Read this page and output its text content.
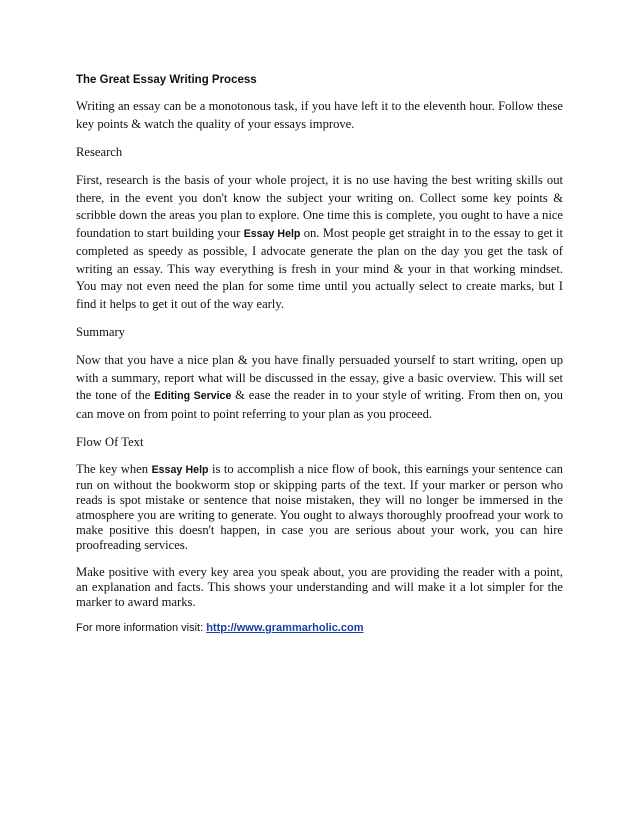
The Great Essay Writing Process

Writing an essay can be a monotonous task, if you have left it to the eleventh hour. Follow these key points & watch the quality of your essays improve.

Research

First, research is the basis of your whole project, it is no use having the best writing skills out there, in the event you don't know the subject your writing on. Collect some key points & scribble down the areas you plan to explore. One time this is complete, you ought to have a nice foundation to start building your Essay Help on. Most people get straight in to the essay to get it completed as speedy as possible, I advocate generate the plan on the day you get the task of writing an essay. This way everything is fresh in your mind & your in that working mindset. You may not even need the plan for some time until you actually select to create marks, but I find it helps to get it out of the way early.

Summary

Now that you have a nice plan & you have finally persuaded yourself to start writing, open up with a summary, report what will be discussed in the essay, give a basic overview. This will set the tone of the Editing Service & ease the reader in to your style of writing. From then on, you can move on from point to point referring to your plan as you proceed.

Flow Of Text

The key when Essay Help is to accomplish a nice flow of book, this earnings your sentence can run on without the bookworm stop or skipping parts of the text. If your marker or person who reads is spot mistake or sentence that noise mistaken, they will no longer be immersed in the atmosphere you are writing to generate. You ought to always thoroughly proofread your work to make positive this doesn't happen, in case you are serious about your work, you can hire proofreading services.

Make positive with every key area you speak about, you are providing the reader with a point, an explanation and facts. This shows your understanding and will make it a lot simpler for the marker to award marks.

For more information visit: http://www.grammarholic.com
